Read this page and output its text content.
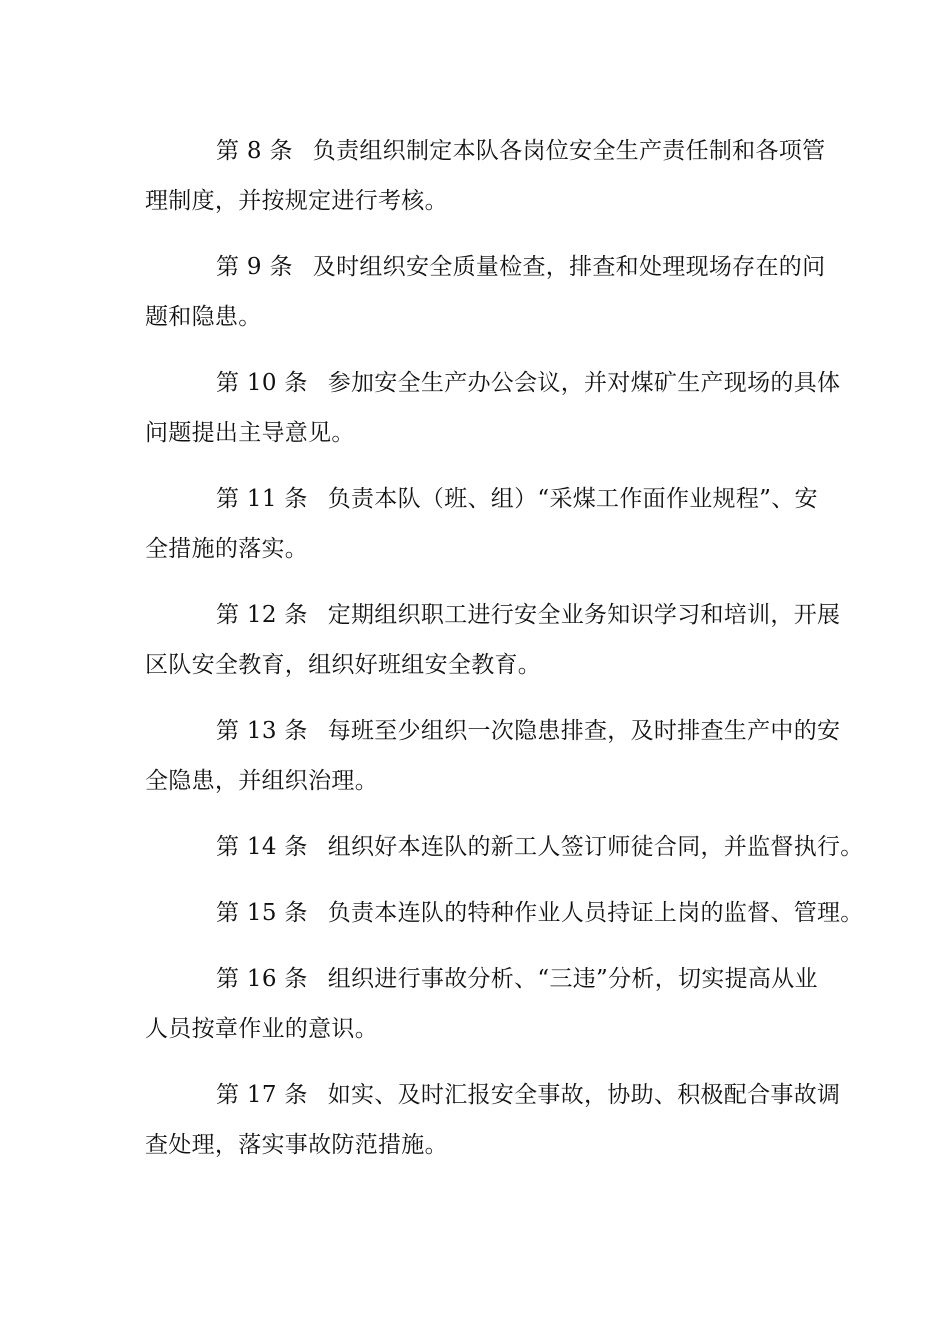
第 8 条 负责组织制定本队各岗位安全生产责任制和各项管
理制度，并按规定进行考核。
第 9 条 及时组织安全质量检查，排查和处理现场存在的问
题和隐患。
第 10 条 参加安全生产办公会议，并对煤矿生产现场的具体
问题提出主导意见。
第 11 条 负责本队（班、组）“采煤工作面作业规程”、安
全措施的落实。
第 12 条 定期组织职工进行安全业务知识学习和培训，开展
区队安全教育，组织好班组安全教育。
第 13 条 每班至少组织一次隐患排查，及时排查生产中的安
全隐患，并组织治理。
第 14 条 组织好本连队的新工人签订师徒合同，并监督执行。
第 15 条 负责本连队的特种作业人员持证上岗的监督、管理。
第 16 条 组织进行事故分析、“三违”分析，切实提高从业
人员按章作业的意识。
第 17 条 如实、及时汇报安全事故，协助、积极配合事故调
查处理，落实事故防范措施。
